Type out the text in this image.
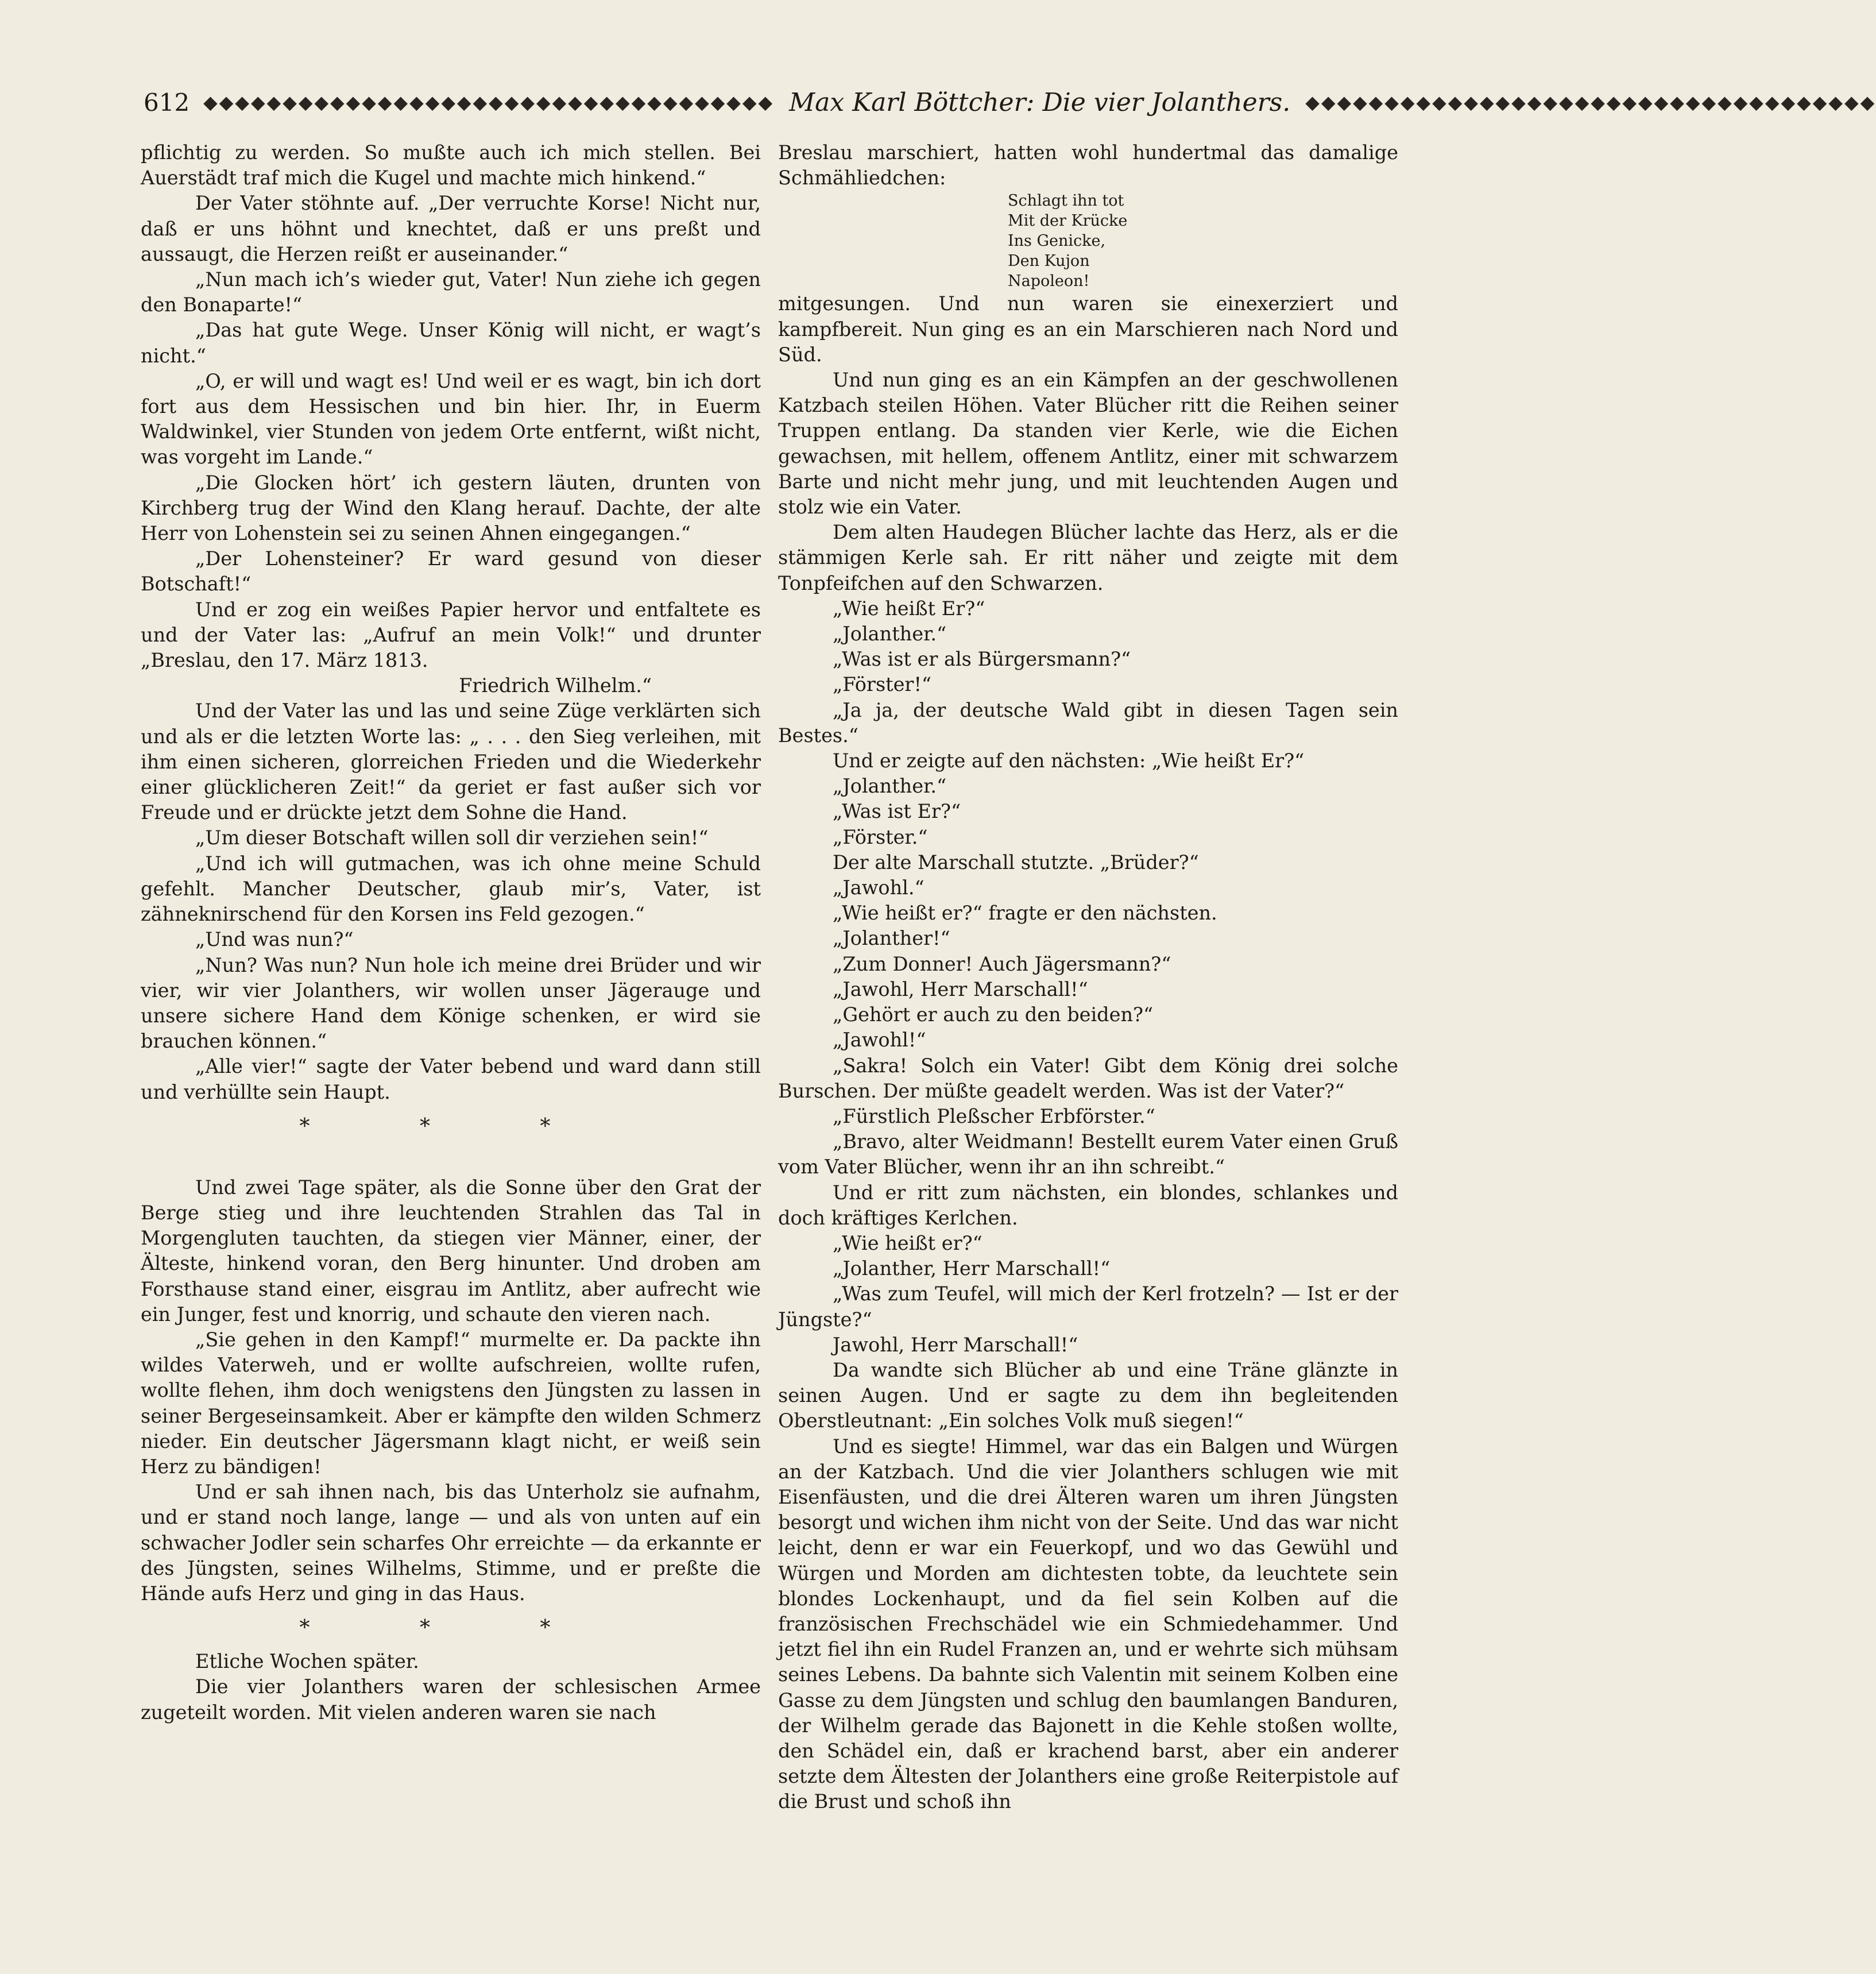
612 ◆◆◆◆◆◆◆◆◆◆◆◆◆◆◆◆◆◆◆◆◆◆◆◆◆◆◆◆◆◆◆◆◆◆◆◆ Max Karl Böttcher: Die vier Jolanthers. ◆◆◆◆◆◆◆◆◆◆◆◆◆◆◆◆◆◆◆◆◆◆◆◆◆◆◆◆◆◆◆◆◆◆◆◆

pflichtig zu werden. So mußte auch ich mich stellen. Bei Auerstädt traf mich die Kugel und machte mich hinkend.“

Der Vater stöhnte auf. „Der verruchte Korse! Nicht nur, daß er uns höhnt und knechtet, daß er uns preßt und aussaugt, die Herzen reißt er auseinander.“

„Nun mach ich’s wieder gut, Vater! Nun ziehe ich gegen den Bonaparte!“

„Das hat gute Wege. Unser König will nicht, er wagt’s nicht.“

„O, er will und wagt es! Und weil er es wagt, bin ich dort fort aus dem Hessischen und bin hier. Ihr, in Euerm Waldwinkel, vier Stunden von jedem Orte entfernt, wißt nicht, was vorgeht im Lande.“

„Die Glocken hört’ ich gestern läuten, drunten von Kirchberg trug der Wind den Klang herauf. Dachte, der alte Herr von Lohenstein sei zu seinen Ahnen eingegangen.“

„Der Lohensteiner? Er ward gesund von dieser Botschaft!“

Und er zog ein weißes Papier hervor und entfaltete es und der Vater las: „Aufruf an mein Volk!“ und drunter „Breslau, den 17. März 1813.

Friedrich Wilhelm.“

Und der Vater las und las und seine Züge verklärten sich und als er die letzten Worte las: „ . . . den Sieg verleihen, mit ihm einen sicheren, glorreichen Frieden und die Wiederkehr einer glücklicheren Zeit!“ da geriet er fast außer sich vor Freude und er drückte jetzt dem Sohne die Hand.

„Um dieser Botschaft willen soll dir verziehen sein!“

„Und ich will gutmachen, was ich ohne meine Schuld gefehlt. Mancher Deutscher, glaub mir’s, Vater, ist zähneknirschend für den Korsen ins Feld gezogen.“

„Und was nun?“

„Nun? Was nun? Nun hole ich meine drei Brüder und wir vier, wir vier Jolanthers, wir wollen unser Jägerauge und unsere sichere Hand dem Könige schenken, er wird sie brauchen können.“

„Alle vier!“ sagte der Vater bebend und ward dann still und verhüllte sein Haupt.

* * *

Und zwei Tage später, als die Sonne über den Grat der Berge stieg und ihre leuchtenden Strahlen das Tal in Morgengluten tauchten, da stiegen vier Männer, einer, der Älteste, hinkend voran, den Berg hinunter. Und droben am Forsthause stand einer, eisgrau im Antlitz, aber aufrecht wie ein Junger, fest und knorrig, und schaute den vieren nach.

„Sie gehen in den Kampf!“ murmelte er. Da packte ihn wildes Vaterweh, und er wollte aufschreien, wollte rufen, wollte flehen, ihm doch wenigstens den Jüngsten zu lassen in seiner Bergeseinsamkeit. Aber er kämpfte den wilden Schmerz nieder. Ein deutscher Jägersmann klagt nicht, er weiß sein Herz zu bändigen!

Und er sah ihnen nach, bis das Unterholz sie aufnahm, und er stand noch lange, lange — und als von unten auf ein schwacher Jodler sein scharfes Ohr erreichte — da erkannte er des Jüngsten, seines Wilhelms, Stimme, und er preßte die Hände aufs Herz und ging in das Haus.

* * *

Etliche Wochen später.

Die vier Jolanthers waren der schlesischen Armee zugeteilt worden. Mit vielen anderen waren sie nach

Breslau marschiert, hatten wohl hundertmal das damalige Schmähliedchen:

Schlagt ihn tot
Mit der Krücke
Ins Genicke,
Den Kujon
Napoleon!

mitgesungen. Und nun waren sie einexerziert und kampfbereit. Nun ging es an ein Marschieren nach Nord und Süd.

Und nun ging es an ein Kämpfen an der geschwollenen Katzbach steilen Höhen. Vater Blücher ritt die Reihen seiner Truppen entlang. Da standen vier Kerle, wie die Eichen gewachsen, mit hellem, offenem Antlitz, einer mit schwarzem Barte und nicht mehr jung, und mit leuchtenden Augen und stolz wie ein Vater.

Dem alten Haudegen Blücher lachte das Herz, als er die stämmigen Kerle sah. Er ritt näher und zeigte mit dem Tonpfeifchen auf den Schwarzen.

„Wie heißt Er?“

„Jolanther.“

„Was ist er als Bürgersmann?“

„Förster!“

„Ja ja, der deutsche Wald gibt in diesen Tagen sein Bestes.“

Und er zeigte auf den nächsten: „Wie heißt Er?“

„Jolanther.“

„Was ist Er?“

„Förster.“

Der alte Marschall stutzte. „Brüder?“

„Jawohl.“

„Wie heißt er?“ fragte er den nächsten.

„Jolanther!“

„Zum Donner! Auch Jägersmann?“

„Jawohl, Herr Marschall!“

„Gehört er auch zu den beiden?“

„Jawohl!“

„Sakra! Solch ein Vater! Gibt dem König drei solche Burschen. Der müßte geadelt werden. Was ist der Vater?“

„Fürstlich Pleßscher Erbförster.“

„Bravo, alter Weidmann! Bestellt eurem Vater einen Gruß vom Vater Blücher, wenn ihr an ihn schreibt.“

Und er ritt zum nächsten, ein blondes, schlankes und doch kräftiges Kerlchen.

„Wie heißt er?“

„Jolanther, Herr Marschall!“

„Was zum Teufel, will mich der Kerl frotzeln? — Ist er der Jüngste?“

Jawohl, Herr Marschall!“

Da wandte sich Blücher ab und eine Träne glänzte in seinen Augen. Und er sagte zu dem ihn begleitenden Oberstleutnant: „Ein solches Volk muß siegen!“

Und es siegte! Himmel, war das ein Balgen und Würgen an der Katzbach. Und die vier Jolanthers schlugen wie mit Eisenfäusten, und die drei Älteren waren um ihren Jüngsten besorgt und wichen ihm nicht von der Seite. Und das war nicht leicht, denn er war ein Feuerkopf, und wo das Gewühl und Würgen und Morden am dichtesten tobte, da leuchtete sein blondes Lockenhaupt, und da fiel sein Kolben auf die französischen Frechschädel wie ein Schmiedehammer. Und jetzt fiel ihn ein Rudel Franzen an, und er wehrte sich mühsam seines Lebens. Da bahnte sich Valentin mit seinem Kolben eine Gasse zu dem Jüngsten und schlug den baumlangen Banduren, der Wilhelm gerade das Bajonett in die Kehle stoßen wollte, den Schädel ein, daß er krachend barst, aber ein anderer setzte dem Ältesten der Jolanthers eine große Reiterpistole auf die Brust und schoß ihn
